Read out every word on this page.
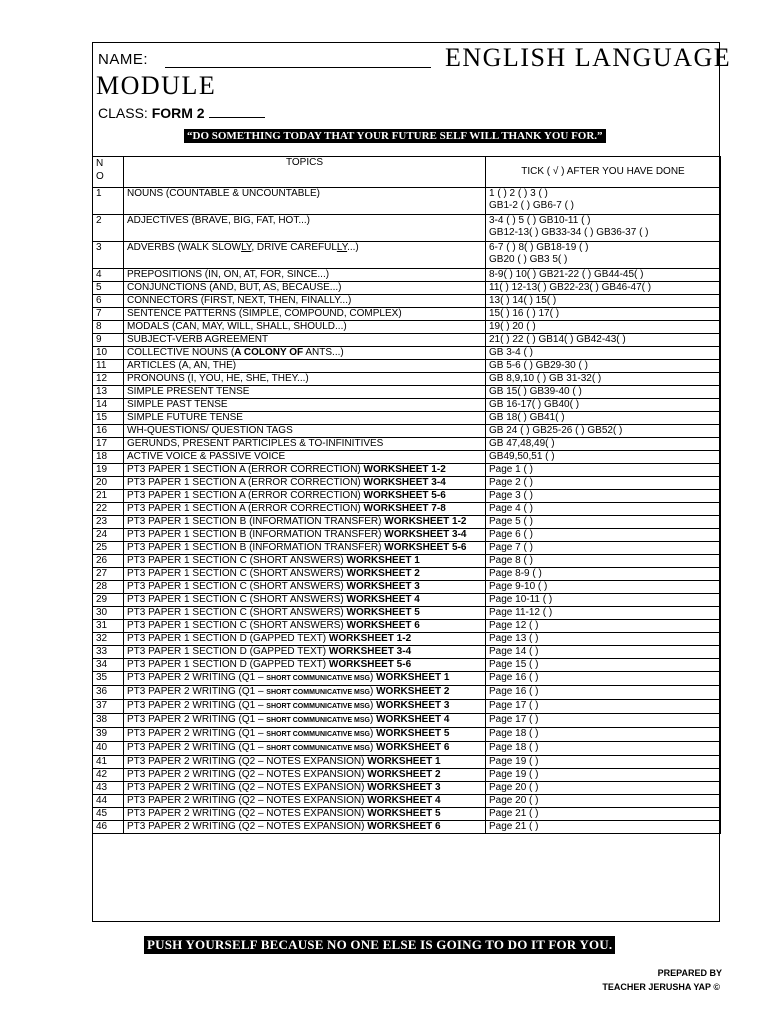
NAME:	ENGLISH LANGUAGE
MODULE
CLASS: FORM 2
“DO SOMETHING TODAY THAT YOUR FUTURE SELF WILL THANK YOU FOR.”
NO	TOPICS	TICK ( √ ) AFTER YOU HAVE DONE
1	NOUNS (COUNTABLE & UNCOUNTABLE)	1 ( ) 2 ( ) 3 ( )
GB1-2 ( ) GB6-7 ( )

2	ADJECTIVES (BRAVE, BIG, FAT, HOT...)	3-4 ( ) 5 ( ) GB10-11 ( )
GB12-13( ) GB33-34 ( ) GB36-37 ( )

3	ADVERBS (WALK SLOWLY, DRIVE CAREFULLY...)	6-7 ( ) 8( ) GB18-19 ( )
GB20 ( ) GB3 5( )

4	PREPOSITIONS (IN, ON, AT, FOR, SINCE...)	8-9( ) 10( ) GB21-22 ( ) GB44-45( )

5	CONJUNCTIONS (AND, BUT, AS, BECAUSE...)	11( ) 12-13( ) GB22-23( ) GB46-47( )

6	CONNECTORS (FIRST, NEXT, THEN, FINALLY...)	13( ) 14( ) 15( )

7	SENTENCE PATTERNS (SIMPLE, COMPOUND, COMPLEX)	15( ) 16 ( ) 17( )

8	MODALS (CAN, MAY, WILL, SHALL, SHOULD...)	19( ) 20 ( )

9	SUBJECT-VERB AGREEMENT	21( ) 22 ( ) GB14( ) GB42-43( )

10	COLLECTIVE NOUNS (A COLONY OF ANTS...)	GB 3-4 ( )

11	ARTICLES (A, AN, THE)	GB 5-6 ( ) GB29-30 ( )

12	PRONOUNS (I, YOU, HE, SHE, THEY...)	GB 8,9,10 ( ) GB 31-32( )

13	SIMPLE PRESENT TENSE	GB 15( ) GB39-40 ( )

14	SIMPLE PAST TENSE	GB 16-17( ) GB40( )

15	SIMPLE FUTURE TENSE	GB 18( ) GB41( )

16	WH-QUESTIONS/ QUESTION TAGS	GB 24 ( ) GB25-26 ( ) GB52( )

17	GERUNDS, PRESENT PARTICIPLES & TO-INFINITIVES	GB 47,48,49( )

18	ACTIVE VOICE & PASSIVE VOICE	GB49,50,51 ( )

19	PT3 PAPER 1 SECTION A (ERROR CORRECTION) WORKSHEET 1-2	Page 1 ( )

20	PT3 PAPER 1 SECTION A (ERROR CORRECTION) WORKSHEET 3-4	Page 2 ( )

21	PT3 PAPER 1 SECTION A (ERROR CORRECTION) WORKSHEET 5-6	Page 3 ( )

22	PT3 PAPER 1 SECTION A (ERROR CORRECTION) WORKSHEET 7-8	Page 4 ( )

23	PT3 PAPER 1 SECTION B (INFORMATION TRANSFER) WORKSHEET 1-2	Page 5 ( )

24	PT3 PAPER 1 SECTION B (INFORMATION TRANSFER) WORKSHEET 3-4	Page 6 ( )

25	PT3 PAPER 1 SECTION B (INFORMATION TRANSFER) WORKSHEET 5-6	Page 7 ( )

26	PT3 PAPER 1 SECTION C (SHORT ANSWERS) WORKSHEET 1	Page 8 ( )

27	PT3 PAPER 1 SECTION C (SHORT ANSWERS) WORKSHEET 2	Page 8-9 ( )

28	PT3 PAPER 1 SECTION C (SHORT ANSWERS) WORKSHEET 3	Page 9-10 ( )

29	PT3 PAPER 1 SECTION C (SHORT ANSWERS) WORKSHEET 4	Page 10-11 ( )

30	PT3 PAPER 1 SECTION C (SHORT ANSWERS) WORKSHEET 5	Page 11-12 ( )

31	PT3 PAPER 1 SECTION C (SHORT ANSWERS) WORKSHEET 6	Page 12 ( )

32	PT3 PAPER 1 SECTION D (GAPPED TEXT) WORKSHEET 1-2	Page 13 ( )

33	PT3 PAPER 1 SECTION D (GAPPED TEXT) WORKSHEET 3-4	Page 14 ( )

34	PT3 PAPER 1 SECTION D (GAPPED TEXT) WORKSHEET 5-6	Page 15 ( )

35	PT3 PAPER 2 WRITING (Q1 – SHORT COMMUNICATIVE MSG) WORKSHEET 1	Page 16 ( )

36	PT3 PAPER 2 WRITING (Q1 – SHORT COMMUNICATIVE MSG) WORKSHEET 2	Page 16 ( )

37	PT3 PAPER 2 WRITING (Q1 – SHORT COMMUNICATIVE MSG) WORKSHEET 3	Page 17 ( )

38	PT3 PAPER 2 WRITING (Q1 – SHORT COMMUNICATIVE MSG) WORKSHEET 4	Page 17 ( )

39	PT3 PAPER 2 WRITING (Q1 – SHORT COMMUNICATIVE MSG) WORKSHEET 5	Page 18 ( )

40	PT3 PAPER 2 WRITING (Q1 – SHORT COMMUNICATIVE MSG) WORKSHEET 6	Page 18 ( )

41	PT3 PAPER 2 WRITING (Q2 – NOTES EXPANSION) WORKSHEET 1	Page 19 ( )

42	PT3 PAPER 2 WRITING (Q2 – NOTES EXPANSION) WORKSHEET 2	Page 19 ( )

43	PT3 PAPER 2 WRITING (Q2 – NOTES EXPANSION) WORKSHEET 3	Page 20 ( )

44	PT3 PAPER 2 WRITING (Q2 – NOTES EXPANSION) WORKSHEET 4	Page 20 ( )

45	PT3 PAPER 2 WRITING (Q2 – NOTES EXPANSION) WORKSHEET 5	Page 21 ( )

46	PT3 PAPER 2 WRITING (Q2 – NOTES EXPANSION) WORKSHEET 6	Page 21 ( )
PUSH YOURSELF BECAUSE NO ONE ELSE IS GOING TO DO IT FOR YOU.
PREPARED BY
TEACHER JERUSHA YAP ©
